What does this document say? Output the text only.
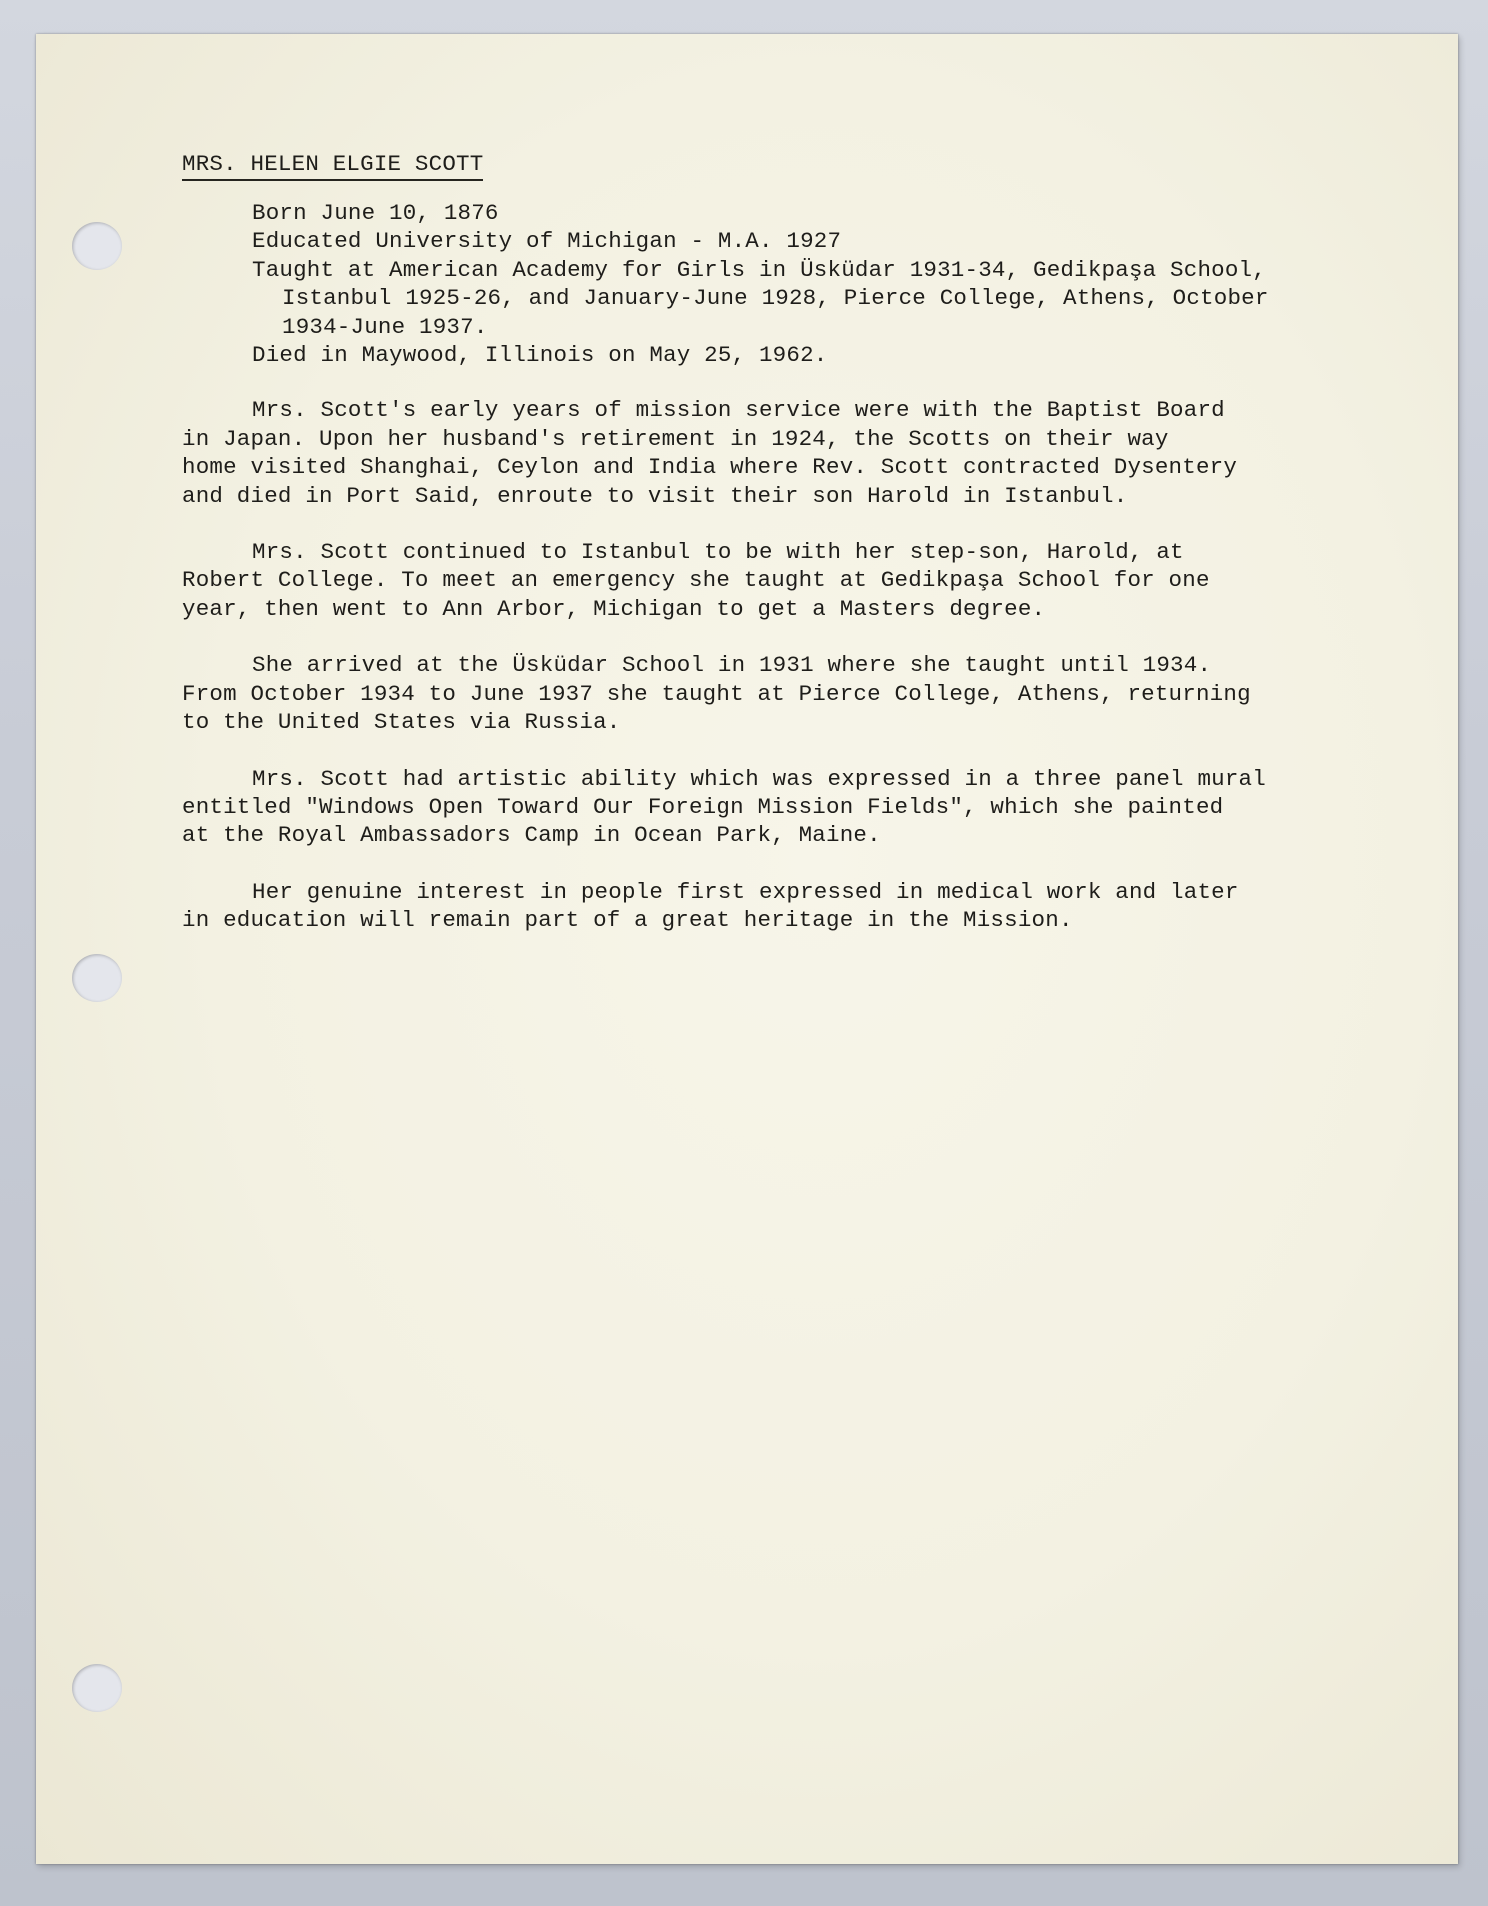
MRS. HELEN ELGIE SCOTT
Born June 10, 1876
Educated University of Michigan - M.A. 1927
Taught at American Academy for Girls in Üsküdar 1931-34, Gedikpaşa School,
Istanbul 1925-26, and January-June 1928, Pierce College, Athens, October
1934-June 1937.
Died in Maywood, Illinois on May 25, 1962.
Mrs. Scott's early years of mission service were with the Baptist Board
in Japan. Upon her husband's retirement in 1924, the Scotts on their way
home visited Shanghai, Ceylon and India where Rev. Scott contracted Dysentery
and died in Port Said, enroute to visit their son Harold in Istanbul.
Mrs. Scott continued to Istanbul to be with her step-son, Harold, at
Robert College. To meet an emergency she taught at Gedikpaşa School for one
year, then went to Ann Arbor, Michigan to get a Masters degree.
She arrived at the Üsküdar School in 1931 where she taught until 1934.
From October 1934 to June 1937 she taught at Pierce College, Athens, returning
to the United States via Russia.
Mrs. Scott had artistic ability which was expressed in a three panel mural
entitled "Windows Open Toward Our Foreign Mission Fields", which she painted
at the Royal Ambassadors Camp in Ocean Park, Maine.
Her genuine interest in people first expressed in medical work and later
in education will remain part of a great heritage in the Mission.
